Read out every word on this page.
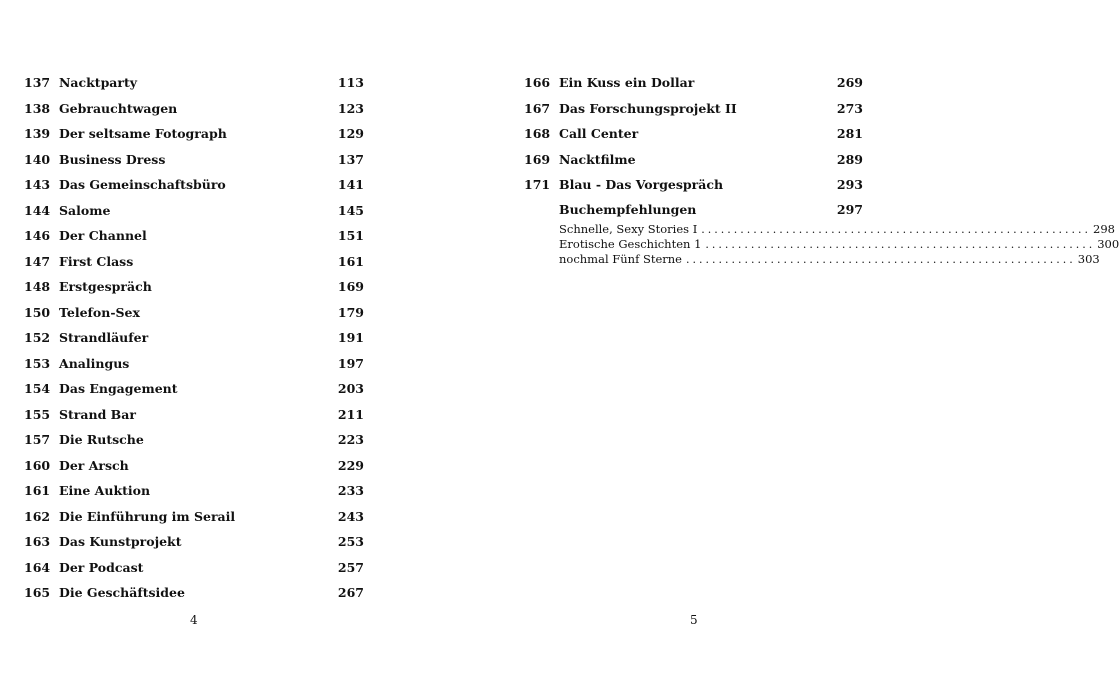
137 Nacktparty	113
138 Gebrauchtwagen	123
139 Der seltsame Fotograph	129
140 Business Dress	137
143 Das Gemeinschaftsbüro	141
144 Salome	145
146 Der Channel	151
147 First Class	161
148 Erstgespräch	169
150 Telefon-Sex	179
152 Strandläufer	191
153 Analingus	197
154 Das Engagement	203
155 Strand Bar	211
157 Die Rutsche	223
160 Der Arsch	229
161 Eine Auktion	233
162 Die Einführung im Serail	243
163 Das Kunstprojekt	253
164 Der Podcast	257
165 Die Geschäftsidee	267
4
166 Ein Kuss ein Dollar	269
167 Das Forschungsprojekt II	273
168 Call Center	281
169 Nacktfilme	289
171 Blau - Das Vorgespräch	293
Buchempfehlungen	297
Schnelle, Sexy Stories I ............................................................ 298
Erotische Geschichten 1 ............................................................ 300
nochmal Fünf Sterne ............................................................ 303
5
